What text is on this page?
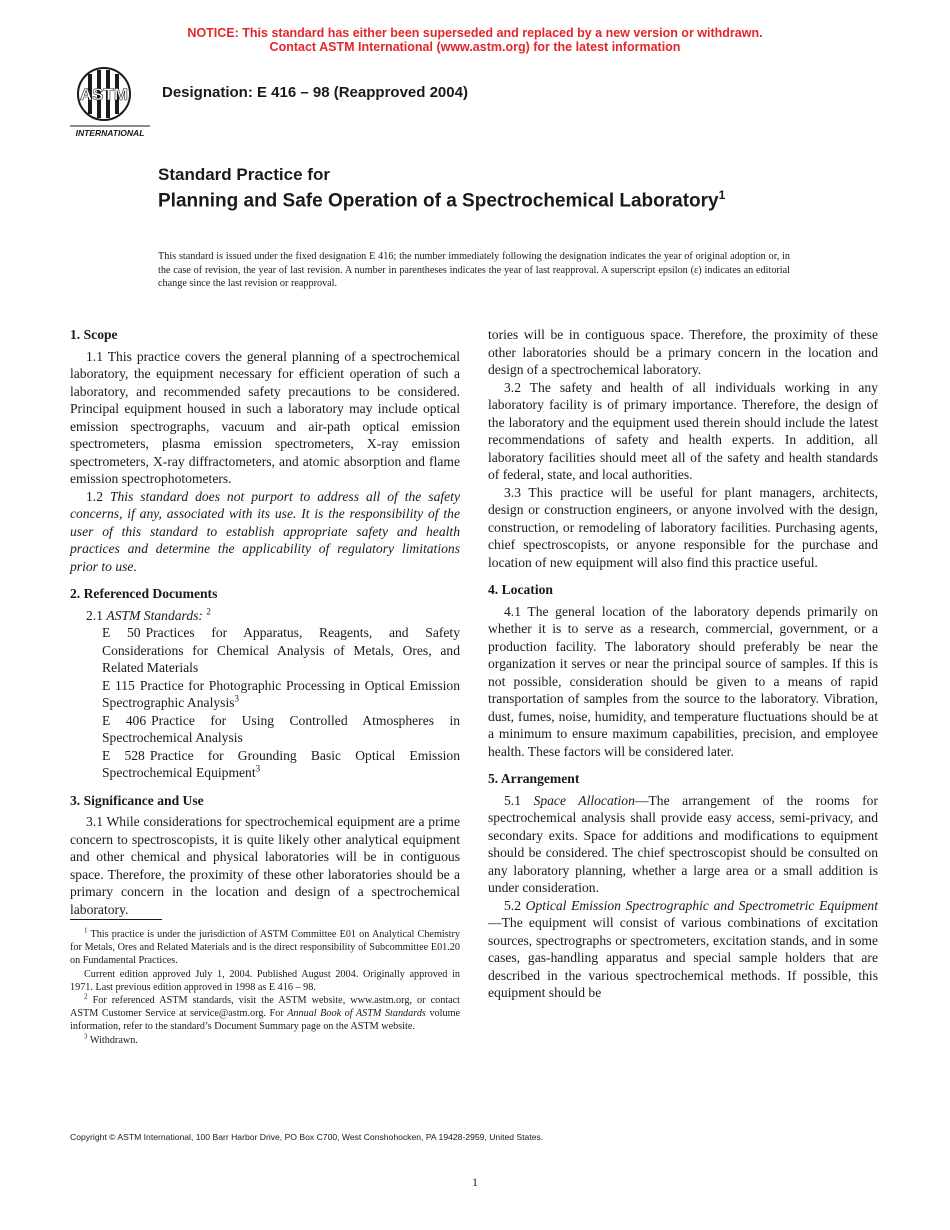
NOTICE: This standard has either been superseded and replaced by a new version or withdrawn.
Contact ASTM International (www.astm.org) for the latest information
ASTM
INTERNATIONAL
Designation: E 416 – 98 (Reapproved 2004)
Standard Practice for
Planning and Safe Operation of a Spectrochemical Laboratory$^1$
This standard is issued under the fixed designation E 416; the number immediately following the designation indicates the year of original adoption or, in the case of revision, the year of last revision. A number in parentheses indicates the year of last reapproval. A superscript epsilon (ε) indicates an editorial change since the last revision or reapproval.
1. Scope

1.1 This practice covers the general planning of a spectrochemical laboratory, the equipment necessary for efficient operation of such a laboratory, and recommended safety precautions to be considered. Principal equipment housed in such a laboratory may include optical emission spectrographs, vacuum and air-path optical emission spectrometers, plasma emission spectrometers, X-ray emission spectrometers, X-ray diffractometers, and atomic absorption and flame emission spectrophotometers.

1.2 This standard does not purport to address all of the safety concerns, if any, associated with its use. It is the responsibility of the user of this standard to establish appropriate safety and health practices and determine the applicability of regulatory limitations prior to use.

2. Referenced Documents

2.1 ASTM Standards: $^2$

E 50 Practices for Apparatus, Reagents, and Safety Considerations for Chemical Analysis of Metals, Ores, and Related Materials

E 115 Practice for Photographic Processing in Optical Emission Spectrographic Analysis$^3$

E 406 Practice for Using Controlled Atmospheres in Spectrochemical Analysis

E 528 Practice for Grounding Basic Optical Emission Spectrochemical Equipment$^3$

3. Significance and Use

3.1 While considerations for spectrochemical equipment are a prime concern to spectroscopists, it is quite likely other analytical equipment and other chemical and physical laboratories will be in contiguous space. Therefore, the proximity of these other laboratories should be a primary concern in the location and design of a spectrochemical laboratory.

tories will be in contiguous space. Therefore, the proximity of these other laboratories should be a primary concern in the location and design of a spectrochemical laboratory.

3.2 The safety and health of all individuals working in any laboratory facility is of primary importance. Therefore, the design of the laboratory and the equipment used therein should include the latest recommendations of safety and health experts. In addition, all laboratory facilities should meet all of the safety and health standards of federal, state, and local authorities.

3.3 This practice will be useful for plant managers, architects, design or construction engineers, or anyone involved with the design, construction, or remodeling of laboratory facilities. Purchasing agents, chief spectroscopists, or anyone responsible for the purchase and location of new equipment will also find this practice useful.

4. Location

4.1 The general location of the laboratory depends primarily on whether it is to serve as a research, commercial, government, or a production facility. The laboratory should preferably be near the organization it serves or near the principal source of samples. If this is not possible, consideration should be given to a means of rapid transportation of samples from the source to the laboratory. Vibration, dust, fumes, noise, humidity, and temperature fluctuations should be at a minimum to ensure maximum capabilities, precision, and employee health. These factors will be considered later.

5. Arrangement

5.1 Space Allocation—The arrangement of the rooms for spectrochemical analysis shall provide easy access, semi-privacy, and secondary exits. Space for additions and modifications to equipment should be considered. The chief spectroscopist should be consulted on any laboratory planning, whether a large area or a small addition is under consideration.

5.2 Optical Emission Spectrographic and Spectrometric Equipment—The equipment will consist of various combinations of excitation sources, spectrographs or spectrometers, excitation stands, and in some cases, gas-handling apparatus and special sample holders that are described in the various spectrochemical methods. If possible, this equipment should be

$^1$ This practice is under the jurisdiction of ASTM Committee E01 on Analytical Chemistry for Metals, Ores and Related Materials and is the direct responsibility of Subcommittee E01.20 on Fundamental Practices.

Current edition approved July 1, 2004. Published August 2004. Originally approved in 1971. Last previous edition approved in 1998 as E 416 – 98.

$^2$ For referenced ASTM standards, visit the ASTM website, www.astm.org, or contact ASTM Customer Service at service@astm.org. For Annual Book of ASTM Standards volume information, refer to the standard’s Document Summary page on the ASTM website.

$^3$ Withdrawn.

Copyright © ASTM International, 100 Barr Harbor Drive, PO Box C700, West Conshohocken, PA 19428-2959, United States.
1
